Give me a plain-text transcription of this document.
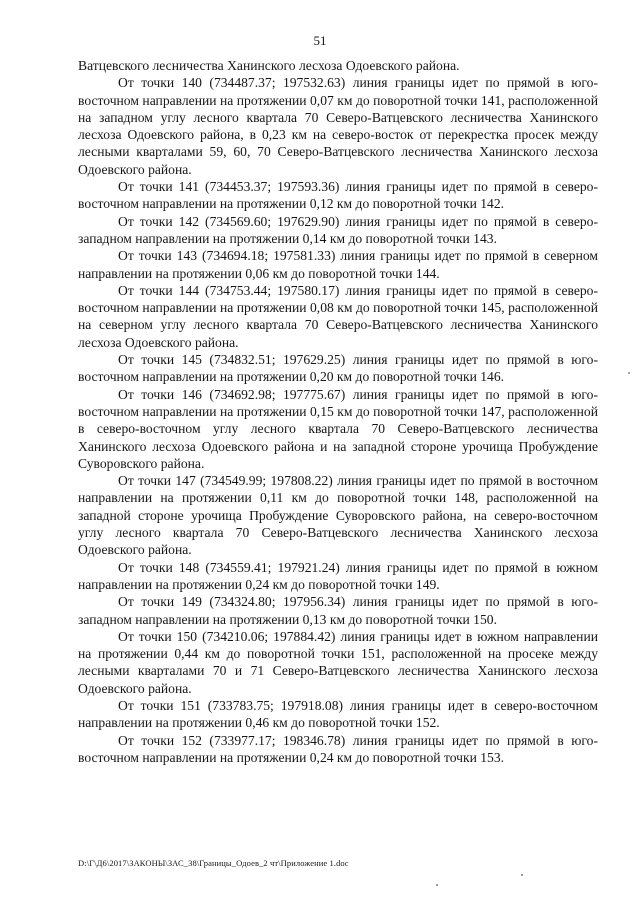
51

Ватцевского лесничества Ханинского лесхоза Одоевского района.

От точки 140 (734487.37; 197532.63) линия границы идет по прямой в юго-восточном направлении на протяжении 0,07 км до поворотной точки 141, расположенной на западном углу лесного квартала 70 Северо-Ватцевского лесничества Ханинского лесхоза Одоевского района, в 0,23 км на северо-восток от перекрестка просек между лесными кварталами 59, 60, 70 Северо-Ватцевского лесничества Ханинского лесхоза Одоевского района.

От точки 141 (734453.37; 197593.36) линия границы идет по прямой в северо-восточном направлении на протяжении 0,12 км до поворотной точки 142.

От точки 142 (734569.60; 197629.90) линия границы идет по прямой в северо-западном направлении на протяжении 0,14 км до поворотной точки 143.

От точки 143 (734694.18; 197581.33) линия границы идет по прямой в северном направлении на протяжении 0,06 км до поворотной точки 144.

От точки 144 (734753.44; 197580.17) линия границы идет по прямой в северо-восточном направлении на протяжении 0,08 км до поворотной точки 145, расположенной на северном углу лесного квартала 70 Северо-Ватцевского лесничества Ханинского лесхоза Одоевского района.

От точки 145 (734832.51; 197629.25) линия границы идет по прямой в юго-восточном направлении на протяжении 0,20 км до поворотной точки 146.

От точки 146 (734692.98; 197775.67) линия границы идет по прямой в юго-восточном направлении на протяжении 0,15 км до поворотной точки 147, расположенной в северо-восточном углу лесного квартала 70 Северо-Ватцевского лесничества Ханинского лесхоза Одоевского района и на западной стороне урочища Пробуждение Суворовского района.

От точки 147 (734549.99; 197808.22) линия границы идет по прямой в восточном направлении на протяжении 0,11 км до поворотной точки 148, расположенной на западной стороне урочища Пробуждение Суворовского района, на северо-восточном углу лесного квартала 70 Северо-Ватцевского лесничества Ханинского лесхоза Одоевского района.

От точки 148 (734559.41; 197921.24) линия границы идет по прямой в южном направлении на протяжении 0,24 км до поворотной точки 149.

От точки 149 (734324.80; 197956.34) линия границы идет по прямой в юго-западном направлении на протяжении 0,13 км до поворотной точки 150.

От точки 150 (734210.06; 197884.42) линия границы идет в южном направлении на протяжении 0,44 км до поворотной точки 151, расположенной на просеке между лесными кварталами 70 и 71 Северо-Ватцевского лесничества Ханинского лесхоза Одоевского района.

От точки 151 (733783.75; 197918.08) линия границы идет в северо-восточном направлении на протяжении 0,46 км до поворотной точки 152.

От точки 152 (733977.17; 198346.78) линия границы идет по прямой в юго-восточном направлении на протяжении 0,24 км до поворотной точки 153.

D:\Г\Д6\2017\ЗАКОНЫ\ЗАС_38\Границы_Одоев_2 чт\Приложение 1.doc
